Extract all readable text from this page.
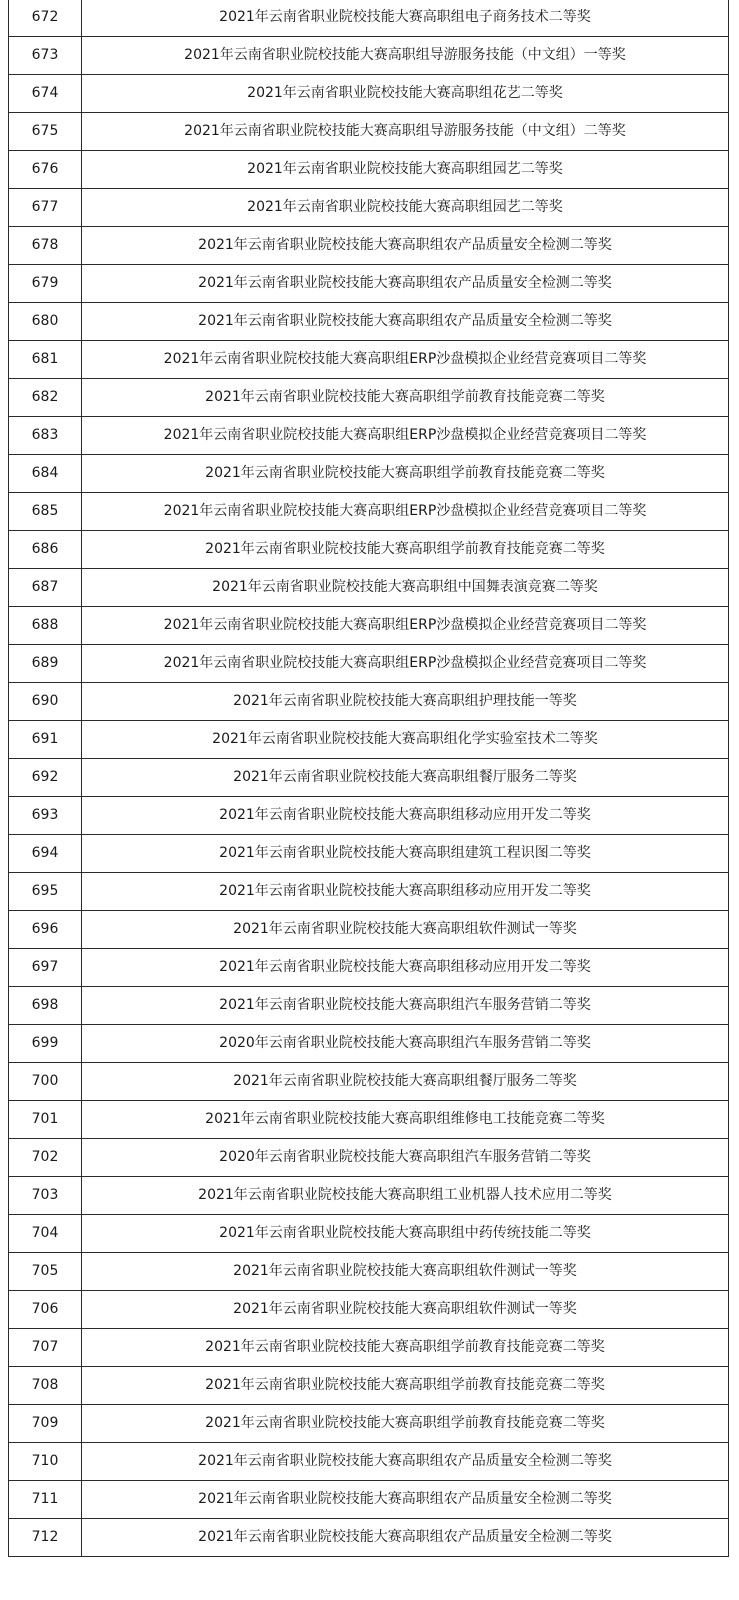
672	2021年云南省职业院校技能大赛高职组电子商务技术二等奖
673	2021年云南省职业院校技能大赛高职组导游服务技能（中文组）一等奖
674	2021年云南省职业院校技能大赛高职组花艺二等奖
675	2021年云南省职业院校技能大赛高职组导游服务技能（中文组）二等奖
676	2021年云南省职业院校技能大赛高职组园艺二等奖
677	2021年云南省职业院校技能大赛高职组园艺二等奖
678	2021年云南省职业院校技能大赛高职组农产品质量安全检测二等奖
679	2021年云南省职业院校技能大赛高职组农产品质量安全检测二等奖
680	2021年云南省职业院校技能大赛高职组农产品质量安全检测二等奖
681	2021年云南省职业院校技能大赛高职组ERP沙盘模拟企业经营竞赛项目二等奖
682	2021年云南省职业院校技能大赛高职组学前教育技能竞赛二等奖
683	2021年云南省职业院校技能大赛高职组ERP沙盘模拟企业经营竞赛项目二等奖
684	2021年云南省职业院校技能大赛高职组学前教育技能竞赛二等奖
685	2021年云南省职业院校技能大赛高职组ERP沙盘模拟企业经营竞赛项目二等奖
686	2021年云南省职业院校技能大赛高职组学前教育技能竞赛二等奖
687	2021年云南省职业院校技能大赛高职组中国舞表演竞赛二等奖
688	2021年云南省职业院校技能大赛高职组ERP沙盘模拟企业经营竞赛项目二等奖
689	2021年云南省职业院校技能大赛高职组ERP沙盘模拟企业经营竞赛项目二等奖
690	2021年云南省职业院校技能大赛高职组护理技能一等奖
691	2021年云南省职业院校技能大赛高职组化学实验室技术二等奖
692	2021年云南省职业院校技能大赛高职组餐厅服务二等奖
693	2021年云南省职业院校技能大赛高职组移动应用开发二等奖
694	2021年云南省职业院校技能大赛高职组建筑工程识图二等奖
695	2021年云南省职业院校技能大赛高职组移动应用开发二等奖
696	2021年云南省职业院校技能大赛高职组软件测试一等奖
697	2021年云南省职业院校技能大赛高职组移动应用开发二等奖
698	2021年云南省职业院校技能大赛高职组汽车服务营销二等奖
699	2020年云南省职业院校技能大赛高职组汽车服务营销二等奖
700	2021年云南省职业院校技能大赛高职组餐厅服务二等奖
701	2021年云南省职业院校技能大赛高职组维修电工技能竞赛二等奖
702	2020年云南省职业院校技能大赛高职组汽车服务营销二等奖
703	2021年云南省职业院校技能大赛高职组工业机器人技术应用二等奖
704	2021年云南省职业院校技能大赛高职组中药传统技能二等奖
705	2021年云南省职业院校技能大赛高职组软件测试一等奖
706	2021年云南省职业院校技能大赛高职组软件测试一等奖
707	2021年云南省职业院校技能大赛高职组学前教育技能竞赛二等奖
708	2021年云南省职业院校技能大赛高职组学前教育技能竞赛二等奖
709	2021年云南省职业院校技能大赛高职组学前教育技能竞赛二等奖
710	2021年云南省职业院校技能大赛高职组农产品质量安全检测二等奖
711	2021年云南省职业院校技能大赛高职组农产品质量安全检测二等奖
712	2021年云南省职业院校技能大赛高职组农产品质量安全检测二等奖
